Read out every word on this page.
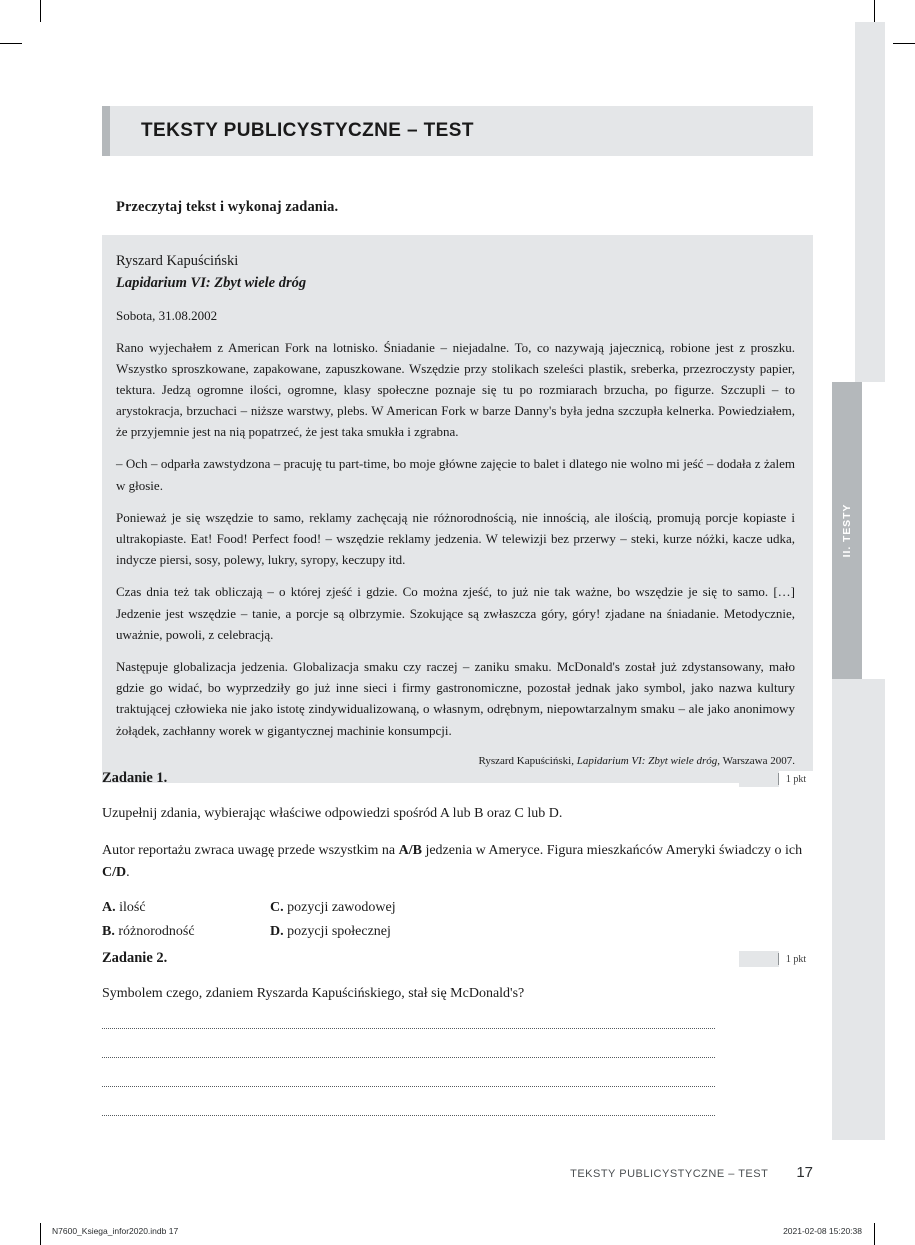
II. TESTY
TEKSTY PUBLICYSTYCZNE – TEST
Przeczytaj tekst i wykonaj zadania.
Ryszard Kapuściński
Lapidarium VI: Zbyt wiele dróg
Sobota, 31.08.2002

Rano wyjechałem z American Fork na lotnisko. Śniadanie – niejadalne. To, co nazywają jajecznicą, robione jest z proszku. Wszystko sproszkowane, zapakowane, zapuszkowane. Wszędzie przy stolikach szeleści plastik, sreberka, przezroczysty papier, tektura. Jedzą ogromne ilości, ogromne, klasy społeczne poznaje się tu po rozmiarach brzucha, po figurze. Szczupli – to arystokracja, brzuchaci – niższe warstwy, plebs. W American Fork w barze Danny's była jedna szczupła kelnerka. Powiedziałem, że przyjemnie jest na nią popatrzeć, że jest taka smukła i zgrabna.

– Och – odparła zawstydzona – pracuję tu part-time, bo moje główne zajęcie to balet i dlatego nie wolno mi jeść – dodała z żalem w głosie.

Ponieważ je się wszędzie to samo, reklamy zachęcają nie różnorodnością, nie innością, ale ilością, promują porcje kopiaste i ultrakopiaste. Eat! Food! Perfect food! – wszędzie reklamy jedzenia. W telewizji bez przerwy – steki, kurze nóżki, kacze udka, indycze piersi, sosy, polewy, lukry, syropy, keczupy itd.

Czas dnia też tak obliczają – o której zjeść i gdzie. Co można zjeść, to już nie tak ważne, bo wszędzie je się to samo. […] Jedzenie jest wszędzie – tanie, a porcje są olbrzymie. Szokujące są zwłaszcza góry, góry! zjadane na śniadanie. Metodycznie, uważnie, powoli, z celebracją.

Następuje globalizacja jedzenia. Globalizacja smaku czy raczej – zaniku smaku. McDonald's został już zdystansowany, mało gdzie go widać, bo wyprzedziły go już inne sieci i firmy gastronomiczne, pozostał jednak jako symbol, jako nazwa kultury traktującej człowieka nie jako istotę zindywidualizowaną, o własnym, odrębnym, niepowtarzalnym smaku – ale jako anonimowy żołądek, zachłanny worek w gigantycznej machinie konsumpcji.

Ryszard Kapuściński, Lapidarium VI: Zbyt wiele dróg, Warszawa 2007.

Zadanie 1.	1 pkt

Uzupełnij zdania, wybierając właściwe odpowiedzi spośród A lub B oraz C lub D.

Autor reportażu zwraca uwagę przede wszystkim na A/B jedzenia w Ameryce. Figura mieszkańców Ameryki świadczy o ich C/D.

A. ilość	C. pozycji zawodowej
B. różnorodność	D. pozycji społecznej
Zadanie 2.	1 pkt

Symbolem czego, zdaniem Ryszarda Kapuścińskiego, stał się McDonald's?

TEKSTY PUBLICYSTYCZNE – TEST 17
N7600_Ksiega_infor2020.indb 17	2021-02-08 15:20:38
